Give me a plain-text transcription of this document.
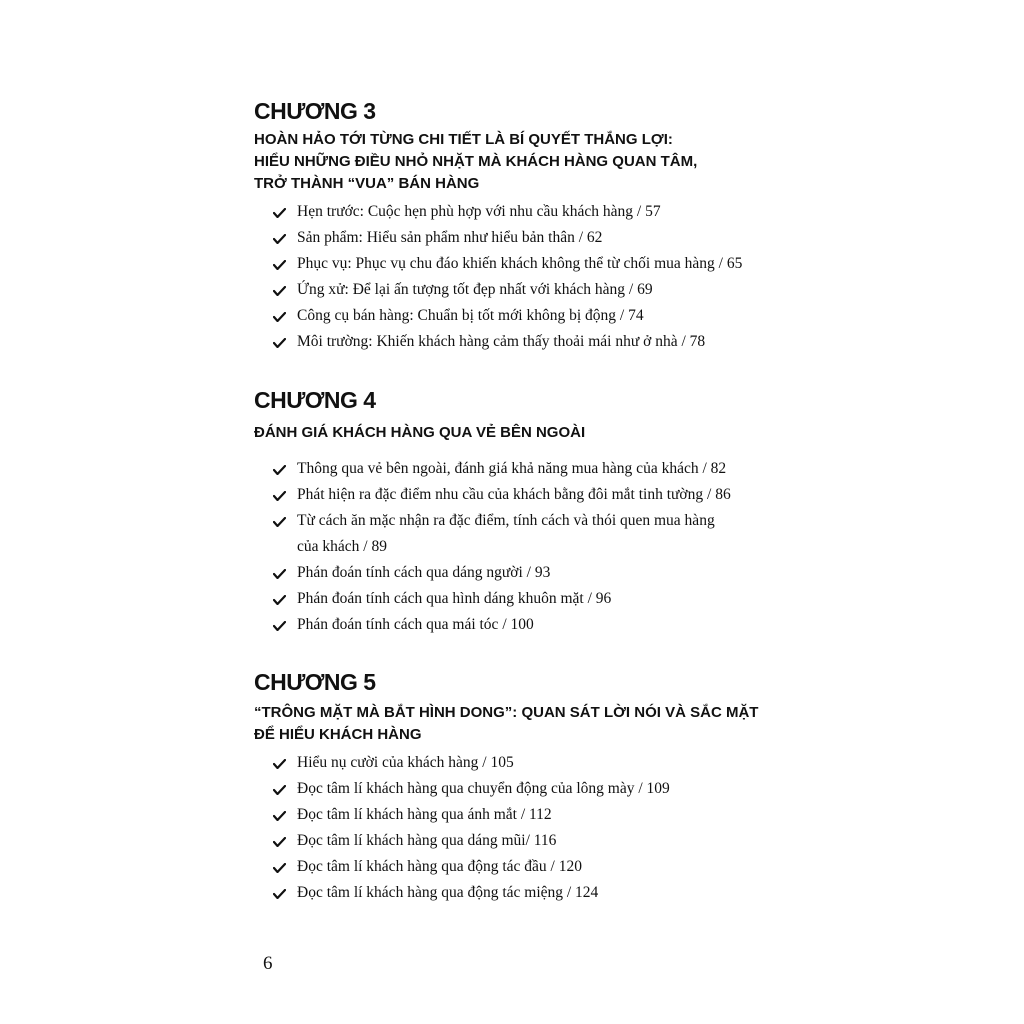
CHƯƠNG 3
HOÀN HẢO TỚI TỪNG CHI TIẾT LÀ BÍ QUYẾT THẮNG LỢI:
HIỂU NHỮNG ĐIỀU NHỎ NHẶT MÀ KHÁCH HÀNG QUAN TÂM,
TRỞ THÀNH “VUA” BÁN HÀNG
Hẹn trước: Cuộc hẹn phù hợp với nhu cầu khách hàng / 57
Sản phẩm: Hiểu sản phẩm như hiểu bản thân / 62
Phục vụ: Phục vụ chu đáo khiến khách không thể từ chối mua hàng / 65
Ứng xử: Để lại ấn tượng tốt đẹp nhất với khách hàng / 69
Công cụ bán hàng: Chuẩn bị tốt mới không bị động / 74
Môi trường: Khiến khách hàng cảm thấy thoải mái như ở nhà / 78
CHƯƠNG 4
ĐÁNH GIÁ KHÁCH HÀNG QUA VẺ BÊN NGOÀI
Thông qua vẻ bên ngoài, đánh giá khả năng mua hàng của khách / 82
Phát hiện ra đặc điểm nhu cầu của khách bằng đôi mắt tinh tường / 86
Từ cách ăn mặc nhận ra đặc điểm, tính cách và thói quen mua hàng
của khách / 89
Phán đoán tính cách qua dáng người / 93
Phán đoán tính cách qua hình dáng khuôn mặt / 96
Phán đoán tính cách qua mái tóc / 100
CHƯƠNG 5
“TRÔNG MẶT MÀ BẮT HÌNH DONG”: QUAN SÁT LỜI NÓI VÀ SẮC MẶT
ĐỂ HIỂU KHÁCH HÀNG
Hiểu nụ cười của khách hàng / 105
Đọc tâm lí khách hàng qua chuyển động của lông mày / 109
Đọc tâm lí khách hàng qua ánh mắt / 112
Đọc tâm lí khách hàng qua dáng mũi/ 116
Đọc tâm lí khách hàng qua động tác đầu / 120
Đọc tâm lí khách hàng qua động tác miệng / 124
6
